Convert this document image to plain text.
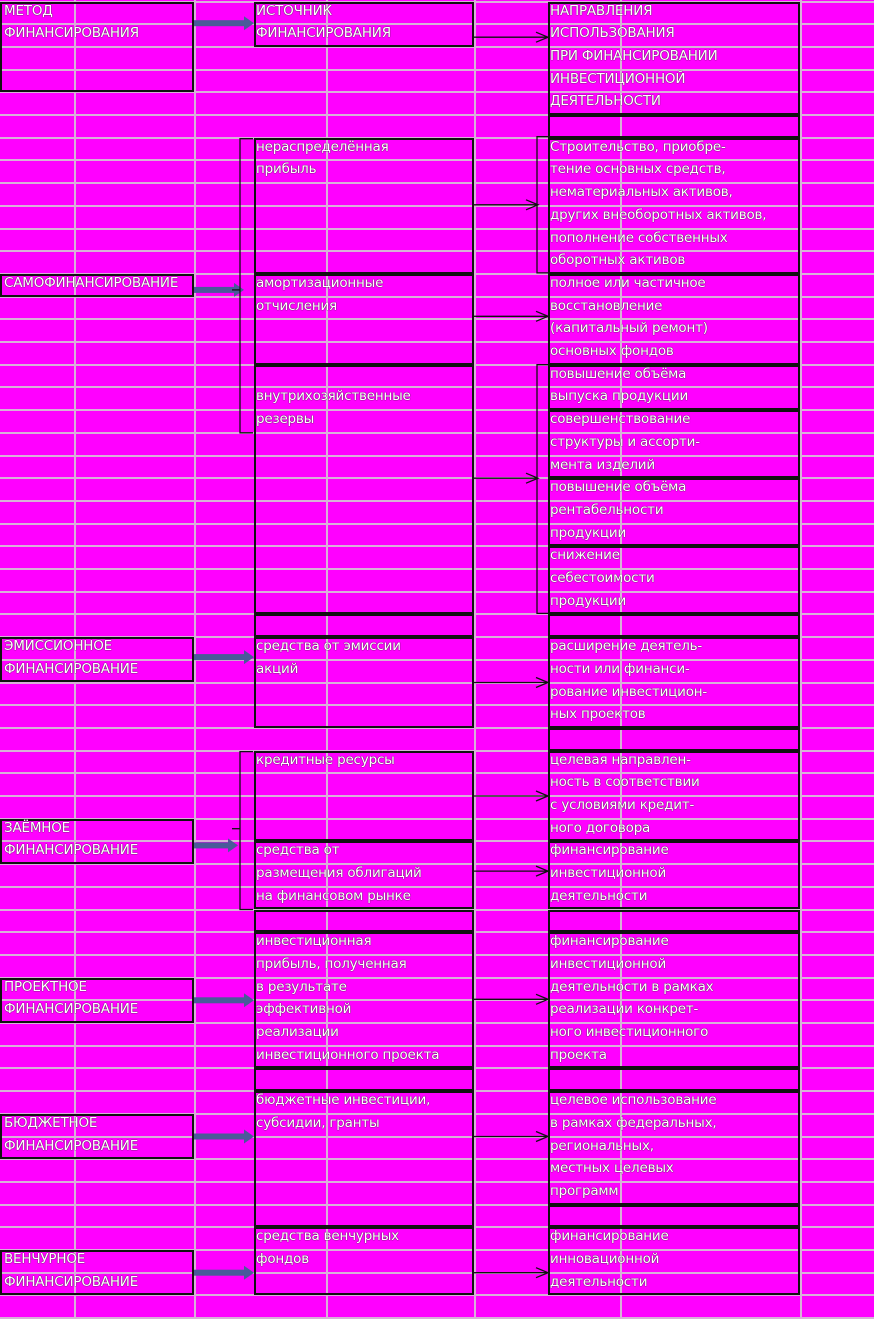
МЕТОД
ФИНАНСИРОВАНИЯ
ИСТОЧНИК
ФИНАНСИРОВАНИЯ
НАПРАВЛЕНИЯ
ИСПОЛЬЗОВАНИЯ
ПРИ ФИНАНСИРОВАНИИ
ИНВЕСТИЦИОННОЙ
ДЕЯТЕЛЬНОСТИ
САМОФИНАНСИРОВАНИЕ
ЭМИССИОННОЕ
ФИНАНСИРОВАНИЕ
ЗАЁМНОЕ
ФИНАНСИРОВАНИЕ
ПРОЕКТНОЕ
ФИНАНСИРОВАНИЕ
БЮДЖЕТНОЕ
ФИНАНСИРОВАНИЕ
ВЕНЧУРНОЕ
ФИНАНСИРОВАНИЕ
нераспределённая
прибыль
амортизационные
отчисления
внутрихозяйственные
резервы
средства от эмиссии
акций
кредитные ресурсы
средства от
размещения облигаций
на финансовом рынке
инвестиционная
прибыль, полученная
в результате
эффективной
реализации
инвестиционного проекта
бюджетные инвестиции,
субсидии, гранты
средства венчурных
фондов
Строительство, приобре-
тение основных средств,
нематериальных активов,
других внеоборотных активов,
пополнение собственных
оборотных активов
полное или частичное
восстановление
(капитальный ремонт)
основных фондов
повышение объёма
выпуска продукции
совершенствование
структуры и ассорти-
мента изделий
повышение объёма
рентабельности
продукции
снижение
себестоимости
продукции
расширение деятель-
ности или финанси-
рование инвестицион-
ных проектов
целевая направлен-
ность в соответствии
с условиями кредит-
ного договора
финансирование
инвестиционной
деятельности
финансирование
инвестиционной
деятельности в рамках
реализации конкрет-
ного инвестиционного
проекта
целевое использование
в рамках федеральных,
региональных,
местных целевых
программ
финансирование
инновационной
деятельности
